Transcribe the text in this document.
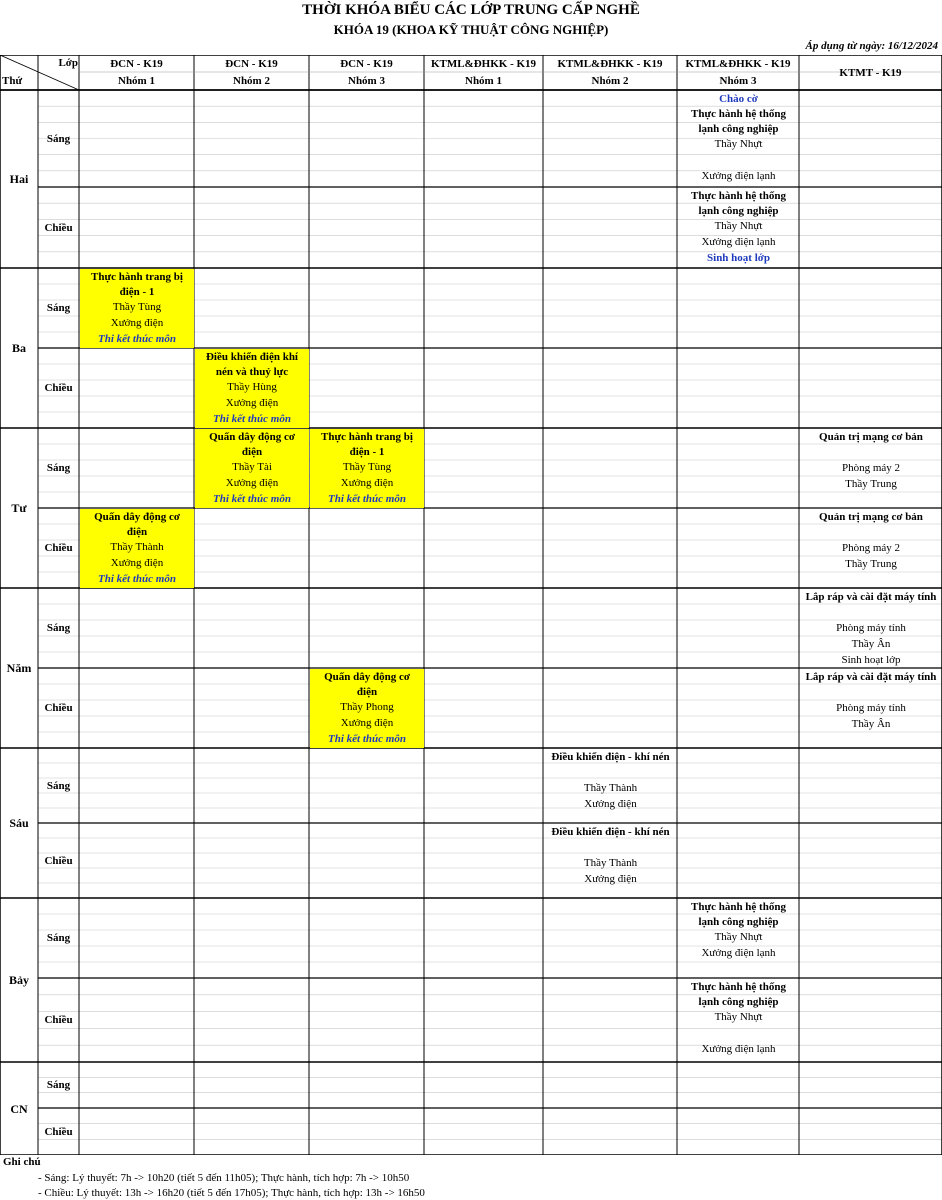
THỜI KHÓA BIỂU CÁC LỚP TRUNG CẤP NGHỀ
KHÓA 19 (KHOA KỸ THUẬT CÔNG NGHIỆP)
Áp dụng từ ngày: 16/12/2024
Lớp
Thứ
ĐCN - K19
Nhóm 1
ĐCN - K19
Nhóm 2
ĐCN - K19
Nhóm 3
KTML&ĐHKK - K19
Nhóm 1
KTML&ĐHKK - K19
Nhóm 2
KTML&ĐHKK - K19
Nhóm 3
KTMT - K19
Hai
Sáng
Chiều
Ba
Sáng
Chiều
Tư
Sáng
Chiều
Năm
Sáng
Chiều
Sáu
Sáng
Chiều
Bảy
Sáng
Chiều
CN
Sáng
Chiều
Chào cờ
Thực hành hệ thống
lạnh công nghiệp
Thầy Nhựt
Xưởng điện lạnh
Thực hành hệ thống
lạnh công nghiệp
Thầy Nhựt
Xưởng điện lạnh
Sinh hoạt lớp
Thực hành trang bị
điện - 1
Thầy Tùng
Xưởng điện
Thi kết thúc môn
Điều khiển điện khí
nén và thuỷ lực
Thầy Hùng
Xưởng điện
Thi kết thúc môn
Quấn dây động cơ
điện
Thầy Tài
Xưởng điện
Thi kết thúc môn
Thực hành trang bị
điện - 1
Thầy Tùng
Xưởng điện
Thi kết thúc môn
Quản trị mạng cơ bản
Phòng máy 2
Thầy Trung
Quấn dây động cơ
điện
Thầy Thành
Xưởng điện
Thi kết thúc môn
Quản trị mạng cơ bản
Phòng máy 2
Thầy Trung
Lắp ráp và cài đặt máy tính
Phòng máy tính
Thầy Ân
Sinh hoạt lớp
Quấn dây động cơ
điện
Thầy Phong
Xưởng điện
Thi kết thúc môn
Lắp ráp và cài đặt máy tính
Phòng máy tính
Thầy Ân
Điều khiển điện - khí nén
Thầy Thành
Xưởng điện
Điều khiển điện - khí nén
Thầy Thành
Xưởng điện
Thực hành hệ thống
lạnh công nghiệp
Thầy Nhựt
Xưởng điện lạnh
Thực hành hệ thống
lạnh công nghiệp
Thầy Nhựt
Xưởng điện lạnh
Ghi chú
- Sáng: Lý thuyết: 7h -> 10h20 (tiết 5 đến 11h05); Thực hành, tích hợp: 7h -> 10h50
- Chiều: Lý thuyết: 13h -> 16h20 (tiết 5 đến 17h05); Thực hành, tích hợp: 13h -> 16h50
